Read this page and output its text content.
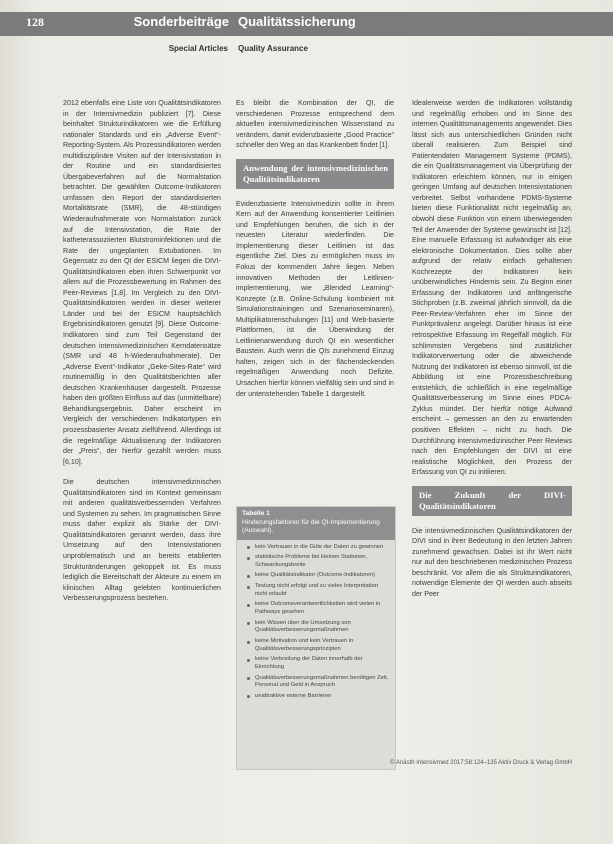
128	Sonderbeiträge Qualitätssicherung
Special Articles Quality Assurance

2012 ebenfalls eine Liste von Qualitätsindikatoren in der Intensivmedizin publiziert [7]. Diese beinhaltet Strukturindikatoren wie die Erfüllung nationaler Standards und ein „Adverse Event“-Reporting-System. Als Prozessindikatoren werden multidisziplinäre Visiten auf der Intensivstation in der Routine und ein standardisiertes Übergabeverfahren auf die Normalstation betrachtet. Die gewählten Outcome-Indikatoren umfassen den Report der standardisierten Mortalitätsrate (SMR), die 48-stündigen Wiederaufnahmerate von Normalstation zurück auf die Intensivstation, die Rate der katheterassoziierten Blutstrominfektionen und die Rate der ungeplanten Extubationen. Im Gegensatz zu den QI der ESICM liegen die DIVI-Qualitätsindikatoren eben ihren Schwerpunkt vor allem auf die Prozessbewertung im Rahmen des Peer-Reviews [1,8]. Im Vergleich zu den DIVI-Qualitätsindikatoren werden in dieser weiterer Länder und bei der ESICM hauptsächlich Ergebnisindikatoren genutzt [9]. Diese Outcome-Indikatoren sind zum Teil Gegenstand der deutschen intensivmedizinischen Kerndatensätze (SMR und 48 h-Wiederaufnahmerate). Der „Adverse Event“-Indikator „Geke-Sites-Rate“ wird routinemäßig in den Qualitätsberichten aller deutschen Krankenhäuser dargestellt. Prozesse haben den größten Einfluss auf das (unmittelbare) Behandlungsergebnis. Daher erscheint im Vergleich der verschiedenen Indikatortypen ein prozessbasierter Ansatz zielführend. Allerdings ist die regelmäßige Aktualisierung der Indikatoren der „Preis“, der hierfür gezahlt werden muss [6,10].

Die deutschen intensivmedizinischen Qualitätsindikatoren sind im Kontext gemeinsam mit anderen qualitätsverbessernden Verfahren und Systemen zu sehen. Im pragmatischen Sinne muss daher explizit als Stärke der DIVI-Qualitätsindikatoren genannt werden, dass ihre Umsetzung auf den Intensivstationen unproblematisch und an bereits etablierten Strukturänderungen gekoppelt ist. Es muss lediglich die Bereitschaft der Akteure zu einem im klinischen Alltag gelebten kontinuierlichen Verbesserungsprozess bestehen.

Es bleibt die Kombination der QI, die verschiedenen Prozesse entsprechend dem aktuellen intensivmedizinischen Wissenstand zu verändern, damit evidenzbasierte „Good Practice“ schneller den Weg an das Krankenbett findet [1].

Anwendung der intensivmedizinischen Qualitätsindikatoren

Evidenzbasierte Intensivmedizin sollte in ihrem Kern auf der Anwendung konsentierter Leitlinien und Empfehlungen beruhen, die sich in der neuesten Literatur wiederfinden. Die Implementierung dieser Leitlinien ist das eigentliche Ziel. Dies zu ermöglichen muss im Fokus der kommenden Jahre liegen. Neben innovativen Methoden der Leitlinien-implementierung, wie „Blended Learning“-Konzepte (z.B. Online-Schulung kombiniert mit Simulationstrainingen und Szenarioseminaren), Multiplikatorenschulungen [11] und Web-basierte Plattformen, ist die Überwindung der Leitlinienanwendung durch QI ein wesentlicher Baustein. Auch wenn die QIs zunehmend Einzug halten, zeigen sich in der flächendeckenden regelmäßigen Anwendung noch Defizite. Ursachen hierfür können vielfältig sein und sind in der untenstehenden Tabelle 1 dargestellt.

Tabelle 1
Hinderungsfaktoren für die QI-Implementierung (Auswahl).
kein Vertrauen in die Güte der Daten zu gewinnen
statistische Probleme bei kleinen Stationen, Schwankungsbreite
keine Qualitätsindikator (Outcome-Indikatoren)
Testung nicht erfolgt und zu vieles Interpretation nicht erlaubt
keine Outcomeverantwortlichkeiten wird vielen in Pathways gesehen
kein Wissen über die Umsetzung von Qualitätsverbesserungsmaßnahmen
keine Motivation und kein Vertrauen in Qualitätsverbesserungsprinzipien
keine Verbreitung der Daten innerhalb der Einrichtung
Qualitätsverbesserungsmaßnahmen benötigen Zeit, Personal und Geld in Anspruch
unattraktive externe Barrieren

Idealerweise werden die Indikatoren vollständig und regelmäßig erhoben und im Sinne des internen Qualitätsmanagements angewendet. Dies lässt sich aus unterschiedlichen Gründen nicht überall realisieren. Zum Beispiel sind Patientendaten Management Systeme (PDMS), die ein Qualitätsmanagement via Überprüfung der Indikatoren erleichtern können, nur in einigen geringen Umfang auf deutschen Intensivstationen verbreitet. Selbst vorhandene PDMS-Systeme bieten diese Funktionalität nicht regelmäßig an, obwohl diese Funktion von einem überwiegenden Teil der Anwender der Systeme gewünscht ist [12]. Eine manuelle Erfassung ist aufwändiger als eine elektronische Dokumentation. Dies sollte aber aufgrund der relativ einfach gehaltenen Kochrezepte der Indikatoren kein unüberwindliches Hindernis sein. Zu Beginn einer Erfassung der Indikatoren und anfängerische Stichproben (z.B. zweimal jährlich sinnvoll, da die Peer-Review-Verfahren eher im Sinne der Punktprävalenz angelegt. Darüber hinaus ist eine retrospektive Erfassung im Regelfall möglich. Für schlimmsten Vergebens sind zusätzlicher Indikatorverwertung oder die abweichende Nutzung der Indikatoren ist ebenso sinnvoll, ist die Abbildung ist eine Prozessbeschreibung entstehlich, die schließlich in eine regelmäßige Qualitätsverbesserung im Sinne eines PDCA-Zyklus mündet. Der hierfür nötige Aufwand erscheint – gemessen an den zu erwartenden positiven Effekten – nicht zu hoch. Die Durchführung intensivmedizinischer Peer Reviews nach den Empfehlungen der DIVI ist eine realistische Möglichkeit, den Prozess der Erfassung von QI zu initiieren.

Die Zukunft der DIVI-Qualitätsindikatoren

Die intensivmedizinischen Qualitätsindikatoren der DIVI sind in ihrer Bedeutung in den letzten Jahren zunehmend gewachsen. Dabei ist ihr Wert nicht nur auf den beschriebenen medizinischen Prozess beschränkt. Vor allem die als Strukturindikatoren, notwendige Elemente der QI werden auch abseits der Peer

© Anästh Intensivmed 2017;58:124–135 Aktiv Druck & Verlag GmbH
